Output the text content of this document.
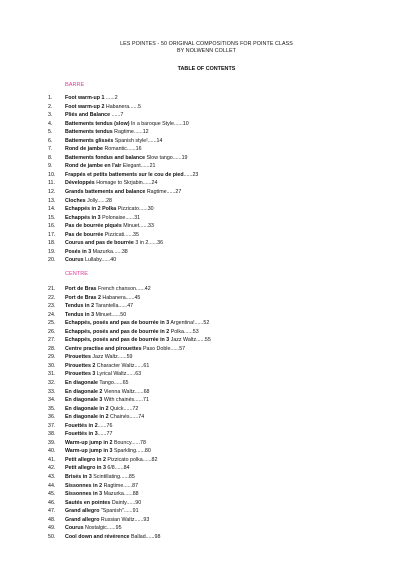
LES POINTES - 50 ORIGINAL COMPOSITIONS FOR POINTE CLASS
BY NOLWENN COLLET
TABLE OF CONTENTS
BARRE
1. Foot warm-up 1 ......2
2. Foot warm-up 2 Habanera......5
3. Pliés and Balance ......7
4. Battements tendus (slow) In a baroque Style......10
5. Battements tendus Ragtime......12
6. Battements glissés Spanish style!......14
7. Rond de jambe Romantic......16
8. Battements fondus and balance Slow tango......19
9. Rond de jambe en l'air Elegant......21
10. Frappés et petits battements sur le cou de pied......23
11. Développés Homage to Skrjabin......24
12. Grands battements and balance Ragtime......27
13. Cloches Jolly......28
14. Echappés in 2 Polka Pizzicato......30
15. Echappés in 3 Polonaise......31
16. Pas de bourrée piqués Minuet......33
17. Pas de bourrée Pizzicati......35
18. Courus and pas de bourrée 3 in 2......36
19. Posés in 3 Mazurka......38
20. Courus Lullaby......40
CENTRE
21. Port de Bras French chanson......42
22. Port de Bras 2 Habanera......45
23. Tendus in 2 Tarantella......47
24. Tendus in 3 Minuet......50
25. Echappés, posés and pas de bourrée in 3 Argentina!......52
26. Echappés, posés and pas de bourrée in 2 Polka......53
27. Echappés, posés and pas de bourrée in 3 Jazz Waltz......55
28. Centre practise and pirouettes Paso Doble......57
29. Pirouettes Jazz Waltz......59
30. Pirouettes 2 Character Waltz......61
31. Pirouettes 3 Lyrical Waltz......63
32. En diagonale Tango......65
33. En diagonale 2 Vienna Waltz......68
34. En diagonale 3 With chainés......71
35. En diagonale in 2 Quick......72
36. En diagonale in 2 Chainés......74
37. Fouettés in 2......76
38. Fouettés in 3......77
39. Warm-up jump in 2 Bouncy......78
40. Warm-up jump in 3 Sparkling......80
41. Petit allegro in 2 Pizzicato polka......82
42. Petit allegro in 3 6/8......84
43. Brisés in 3 Scintillating......85
44. Sissonnes in 2 Ragtime......87
45. Sissonnes in 3 Mazurka......88
46. Sautés en pointes Dainty......90
47. Grand allegro "Spanish"......91
48. Grand allegro Russian Waltz......93
49. Courus Nostalgic......95
50. Cool down and révérence Ballad......98
